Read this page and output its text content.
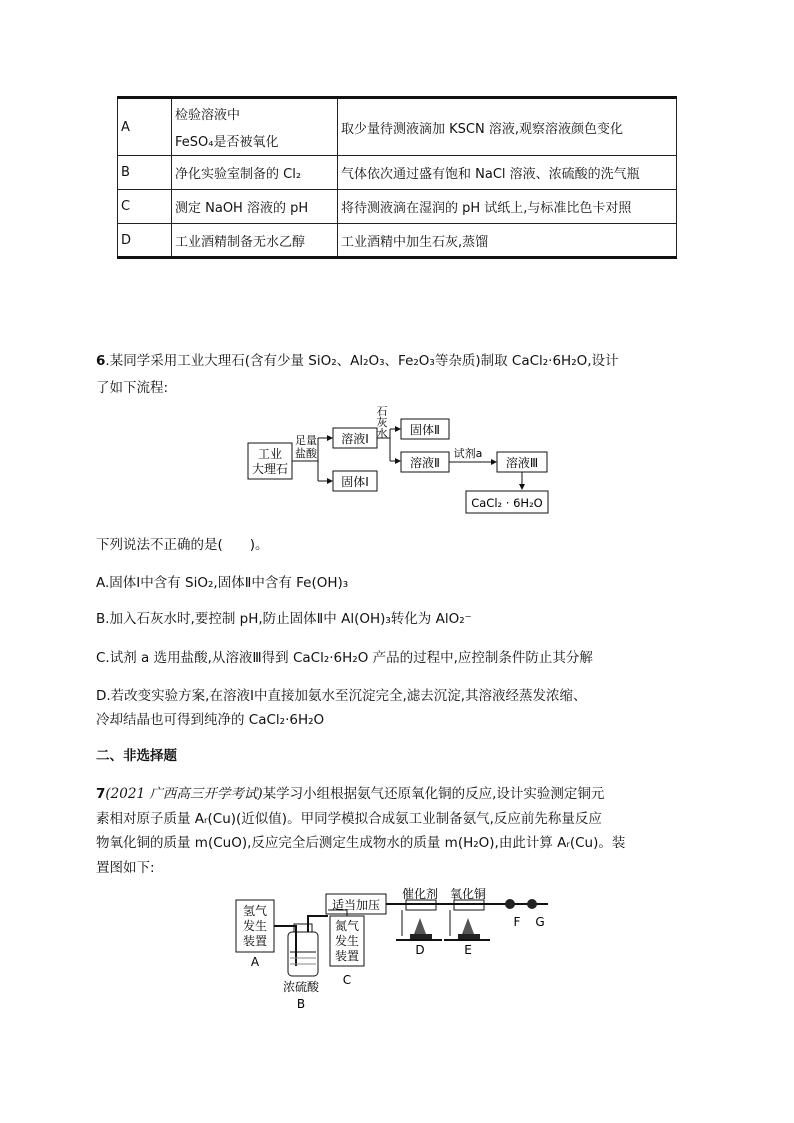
A	检验溶液中
FeSO₄是否被氧化	取少量待测液滴加 KSCN 溶液,观察溶液颜色变化
B	净化实验室制备的 Cl₂	气体依次通过盛有饱和 NaCl 溶液、浓硫酸的洗气瓶
C	测定 NaOH 溶液的 pH	将待测液滴在湿润的 pH 试纸上,与标准比色卡对照
D	工业酒精制备无水乙醇	工业酒精中加生石灰,蒸馏
6.某同学采用工业大理石(含有少量 SiO₂、Al₂O₃、Fe₂O₃等杂质)制取 CaCl₂·6H₂O,设计
了如下流程:
工业
大理石
足量
盐酸
溶液Ⅰ
固体Ⅰ
石
灰
水 固体Ⅱ
溶液Ⅱ
试剂a
溶液Ⅲ
CaCl₂ · 6H₂O
下列说法不正确的是(　　)。
A.固体Ⅰ中含有 SiO₂,固体Ⅱ中含有 Fe(OH)₃
B.加入石灰水时,要控制 pH,防止固体Ⅱ中 Al(OH)₃转化为 AlO₂⁻
C.试剂 a 选用盐酸,从溶液Ⅲ得到 CaCl₂·6H₂O 产品的过程中,应控制条件防止其分解
D.若改变实验方案,在溶液Ⅰ中直接加氨水至沉淀完全,滤去沉淀,其溶液经蒸发浓缩、
冷却结晶也可得到纯净的 CaCl₂·6H₂O
二、非选择题
7(2021 广西高三开学考试)某学习小组根据氨气还原氧化铜的反应,设计实验测定铜元
素相对原子质量 Aᵣ(Cu)(近似值)。甲同学模拟合成氨工业制备氨气,反应前先称量反应
物氧化铜的质量 m(CuO),反应完全后测定生成物水的质量 m(H₂O),由此计算 Aᵣ(Cu)。装
置图如下:
氢气
发生
装置
A
浓硫酸
B
氮气
发生
装置
C
适当加压
催化剂
D
氧化铜
E
F G
